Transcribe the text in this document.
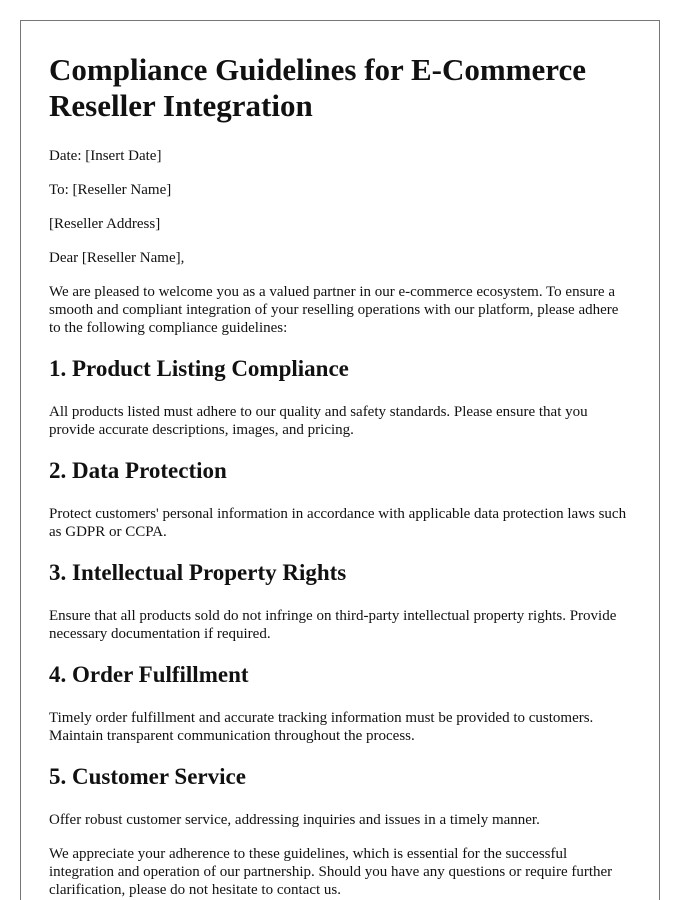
Compliance Guidelines for E-Commerce Reseller Integration

Date: [Insert Date]

To: [Reseller Name]

[Reseller Address]

Dear [Reseller Name],

We are pleased to welcome you as a valued partner in our e-commerce ecosystem. To ensure a smooth and compliant integration of your reselling operations with our platform, please adhere to the following compliance guidelines:

1. Product Listing Compliance

All products listed must adhere to our quality and safety standards. Please ensure that you provide accurate descriptions, images, and pricing.

2. Data Protection

Protect customers' personal information in accordance with applicable data protection laws such as GDPR or CCPA.

3. Intellectual Property Rights

Ensure that all products sold do not infringe on third-party intellectual property rights. Provide necessary documentation if required.

4. Order Fulfillment

Timely order fulfillment and accurate tracking information must be provided to customers. Maintain transparent communication throughout the process.

5. Customer Service

Offer robust customer service, addressing inquiries and issues in a timely manner.

We appreciate your adherence to these guidelines, which is essential for the successful integration and operation of our partnership. Should you have any questions or require further clarification, please do not hesitate to contact us.
